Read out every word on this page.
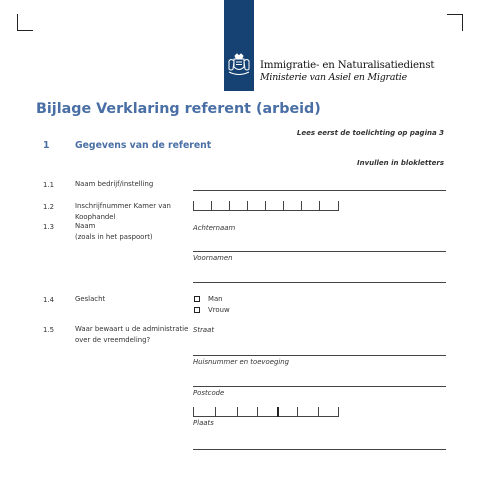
Immigratie- en Naturalisatiedienst
Ministerie van Asiel en Migratie
Bijlage Verklaring referent (arbeid)
Lees eerst de toelichting op pagina 3
1	Gegevens van de referent
Invullen in blokletters
1.1	Naam bedrijf/instelling
1.2	Inschrijfnummer Kamer van
Koophandel
1.3	Naam
(zoals in het paspoort)
Achternaam
Voornamen
1.4	Geslacht	Man
Vrouw
1.5	Waar bewaart u de administratie
over de vreemdeling?
Straat
Huisnummer en toevoeging
Postcode
Plaats
